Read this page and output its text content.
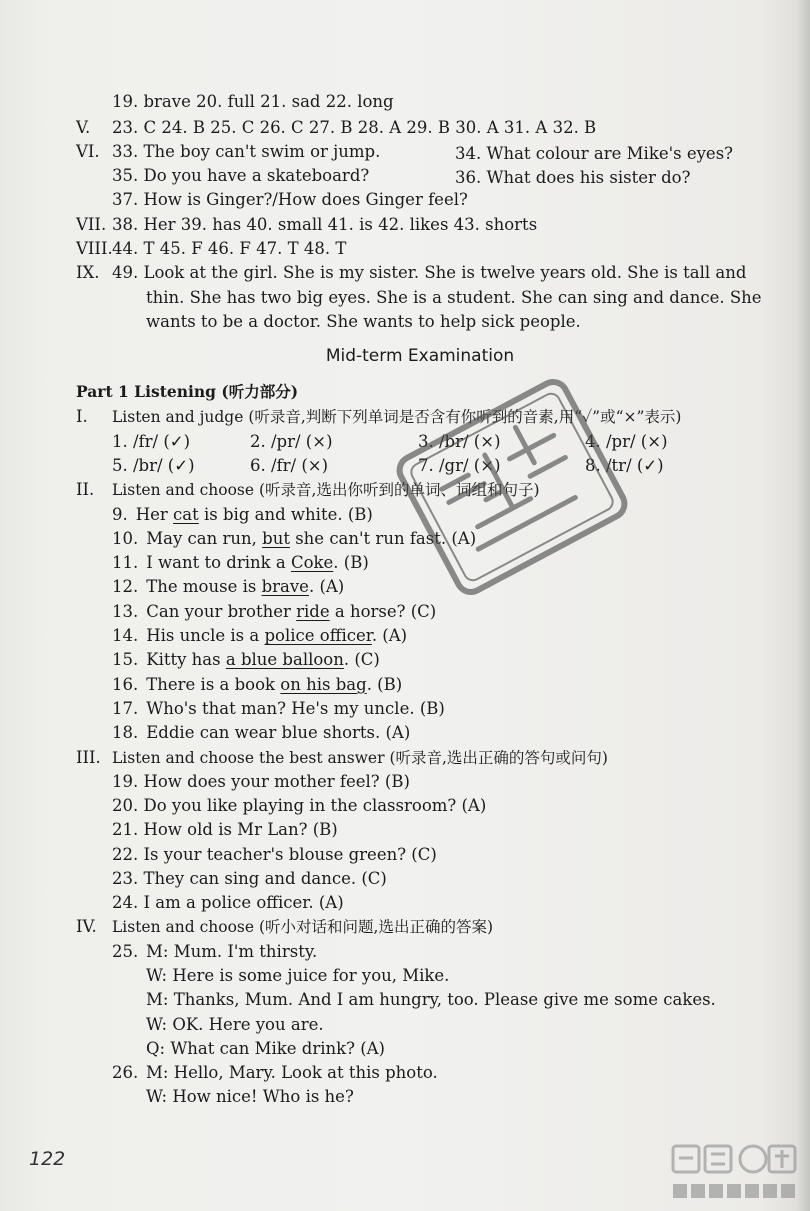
19. brave 20. full 21. sad 22. long
V. 23. C 24. B 25. C 26. C 27. B 28. A 29. B 30. A 31. A 32. B
VI. 33. The boy can't swim or jump.	34. What colour are Mike's eyes?
35. Do you have a skateboard?	36. What does his sister do?
37. How is Ginger?/How does Ginger feel?
VII. 38. Her 39. has 40. small 41. is 42. likes 43. shorts
VIII. 44. T 45. F 46. F 47. T 48. T
IX. 49. Look at the girl. She is my sister. She is twelve years old. She is tall and
thin. She has two big eyes. She is a student. She can sing and dance. She
wants to be a doctor. She wants to help sick people.
Mid-term Examination
Part 1 Listening (听力部分)
I. Listen and judge (听录音,判断下列单词是否含有你听到的音素,用“✓”或“×”表示)
1. /fr/ (✓)	2. /pr/ (×)	3. /br/ (×)	4. /pr/ (×)
5. /br/ (✓)	6. /fr/ (×)	7. /gr/ (×)	8. /tr/ (✓)
II. Listen and choose (听录音,选出你听到的单词、词组和句子)
9. Her cat is big and white. (B)
10. May can run, but she can't run fast. (A)
11. I want to drink a Coke. (B)
12. The mouse is brave. (A)
13. Can your brother ride a horse? (C)
14. His uncle is a police officer. (A)
15. Kitty has a blue balloon. (C)
16. There is a book on his bag. (B)
17. Who's that man? He's my uncle. (B)
18. Eddie can wear blue shorts. (A)
III. Listen and choose the best answer (听录音,选出正确的答句或问句)
19. How does your mother feel? (B)
20. Do you like playing in the classroom? (A)
21. How old is Mr Lan? (B)
22. Is your teacher's blouse green? (C)
23. They can sing and dance. (C)
24. I am a police officer. (A)
IV. Listen and choose (听小对话和问题,选出正确的答案)
25. M: Mum. I'm thirsty.
W: Here is some juice for you, Mike.
M: Thanks, Mum. And I am hungry, too. Please give me some cakes.
W: OK. Here you are.
Q: What can Mike drink? (A)
26. M: Hello, Mary. Look at this photo.
W: How nice! Who is he?
122
